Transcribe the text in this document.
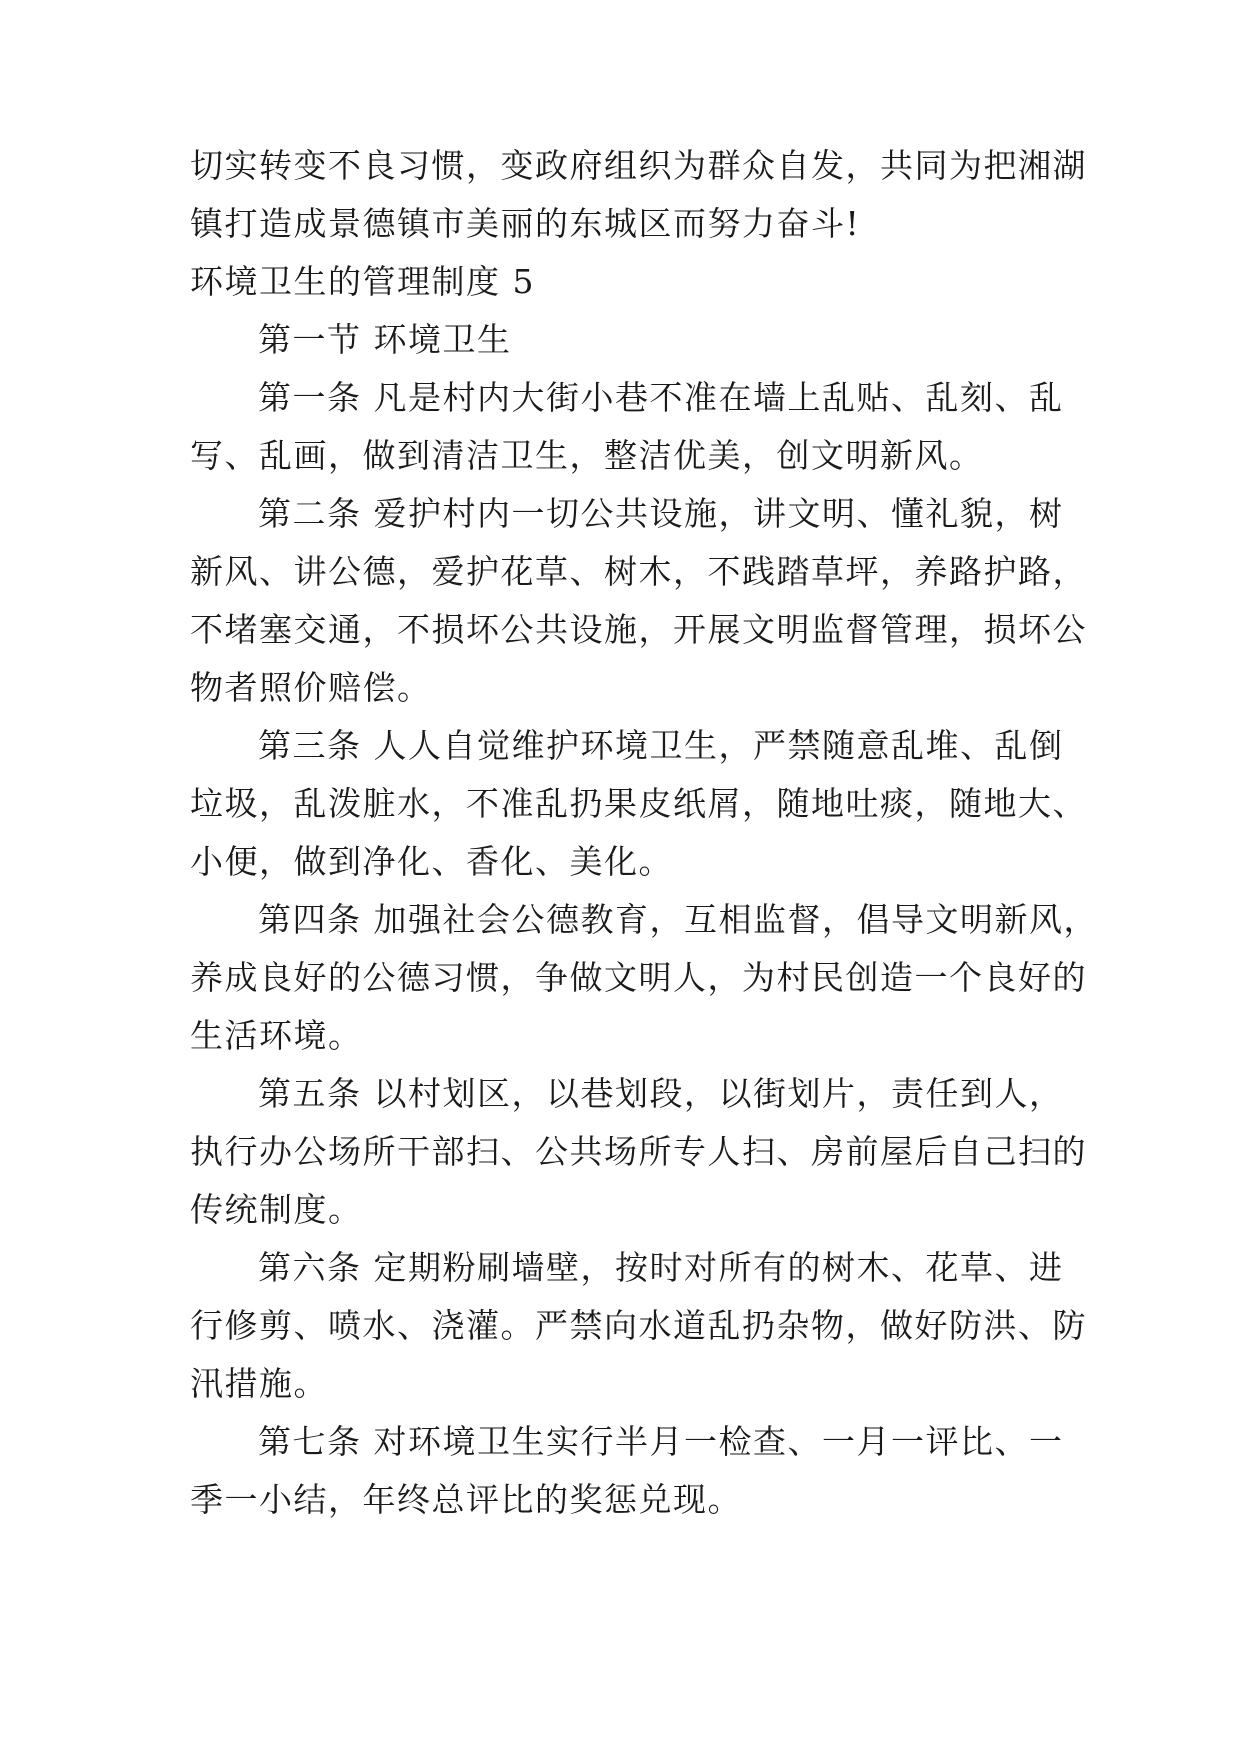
切实转变不良习惯，变政府组织为群众自发，共同为把湘湖
镇打造成景德镇市美丽的东城区而努力奋斗!
环境卫生的管理制度 5
第一节 环境卫生
第一条 凡是村内大街小巷不准在墙上乱贴、乱刻、乱
写、乱画，做到清洁卫生，整洁优美，创文明新风。
第二条 爱护村内一切公共设施，讲文明、懂礼貌，树
新风、讲公德，爱护花草、树木，不践踏草坪，养路护路，
不堵塞交通，不损坏公共设施，开展文明监督管理，损坏公
物者照价赔偿。
第三条 人人自觉维护环境卫生，严禁随意乱堆、乱倒
垃圾，乱泼脏水，不准乱扔果皮纸屑，随地吐痰，随地大、
小便，做到净化、香化、美化。
第四条 加强社会公德教育，互相监督，倡导文明新风，
养成良好的公德习惯，争做文明人，为村民创造一个良好的
生活环境。
第五条 以村划区，以巷划段，以街划片，责任到人，
执行办公场所干部扫、公共场所专人扫、房前屋后自己扫的
传统制度。
第六条 定期粉刷墙壁，按时对所有的树木、花草、进
行修剪、喷水、浇灌。严禁向水道乱扔杂物，做好防洪、防
汛措施。
第七条 对环境卫生实行半月一检查、一月一评比、一
季一小结，年终总评比的奖惩兑现。
